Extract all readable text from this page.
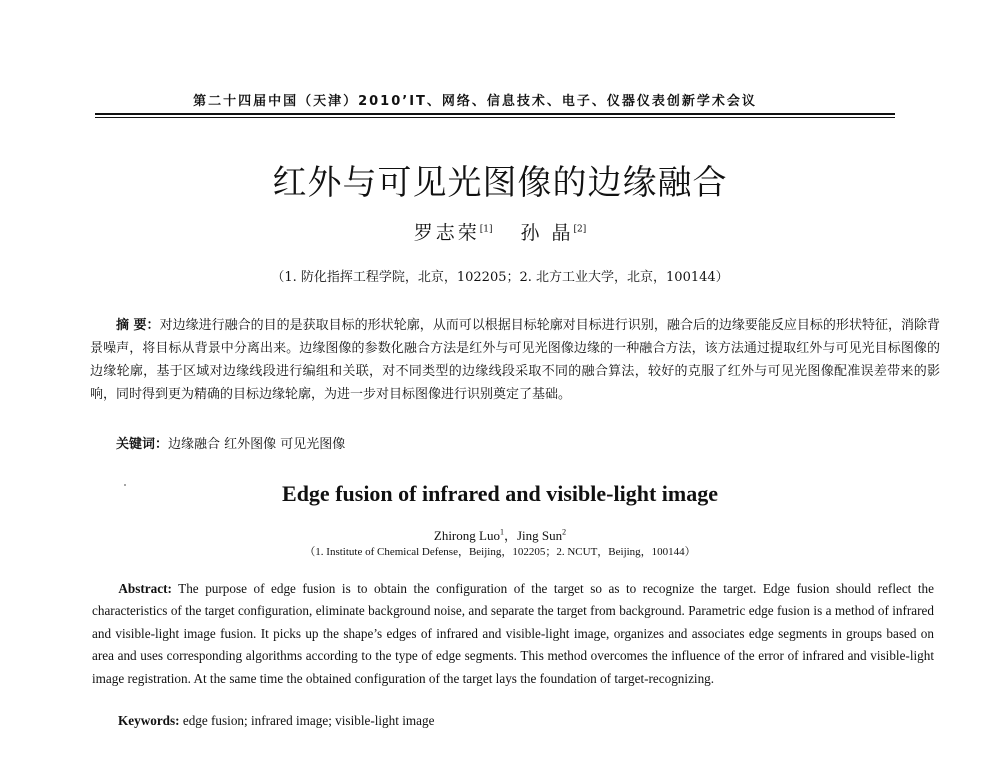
第二十四届中国（天津）2010’IT、网络、信息技术、电子、仪器仪表创新学术会议
红外与可见光图像的边缘融合
罗志荣[1] 孙 晶[2]
（1. 防化指挥工程学院，北京，102205；2. 北方工业大学，北京，100144）

摘 要：对边缘进行融合的目的是获取目标的形状轮廓，从而可以根据目标轮廓对目标进行识别，融合后的边缘要能反应目标的形状特征，消除背景噪声，将目标从背景中分离出来。边缘图像的参数化融合方法是红外与可见光图像边缘的一种融合方法，该方法通过提取红外与可见光目标图像的边缘轮廓，基于区域对边缘线段进行编组和关联，对不同类型的边缘线段采取不同的融合算法，较好的克服了红外与可见光图像配准误差带来的影响，同时得到更为精确的目标边缘轮廓，为进一步对目标图像进行识别奠定了基础。

关键词：边缘融合 红外图像 可见光图像
Edge fusion of infrared and visible-light image
Zhirong Luo$^1$，Jing Sun$^2$
（1. Institute of Chemical Defense，Beijing，102205；2. NCUT，Beijing，100144）

Abstract: The purpose of edge fusion is to obtain the configuration of the target so as to recognize the target. Edge fusion should reflect the characteristics of the target configuration, eliminate background noise, and separate the target from background. Parametric edge fusion is a method of infrared and visible-light image fusion. It picks up the shape’s edges of infrared and visible-light image, organizes and associates edge segments in groups based on area and uses corresponding algorithms according to the type of edge segments. This method overcomes the influence of the error of infrared and visible-light image registration. At the same time the obtained configuration of the target lays the foundation of target-recognizing.

Keywords: edge fusion; infrared image; visible-light image
